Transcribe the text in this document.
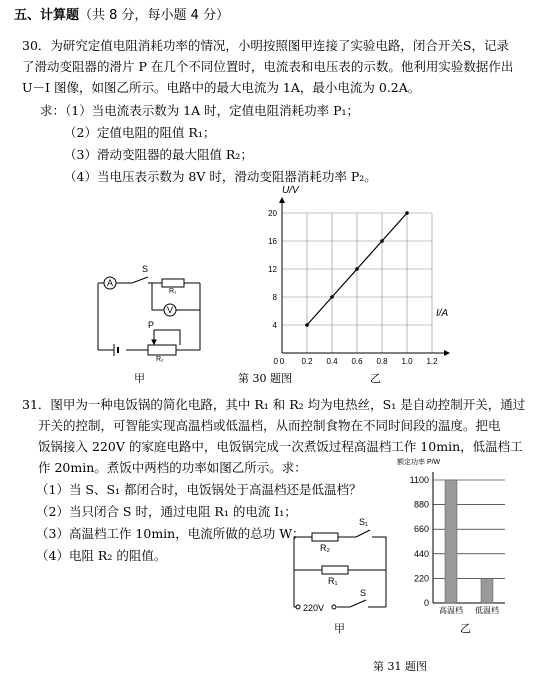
五、计算题（共 8 分，每小题 4 分）
30．为研究定值电阻消耗功率的情况，小明按照图甲连接了实验电路，闭合开关S，记录
了滑动变阻器的滑片 P 在几个不同位置时，电流表和电压表的示数。他利用实验数据作出
U－I 图像，如图乙所示。电路中的最大电流为 1A，最小电流为 0.2A。
求：（1）当电流表示数为 1A 时，定值电阻消耗功率 P₁；
（2）定值电阻的阻值 R₁；
（3）滑动变阻器的最大阻值 R₂；
（4）当电压表示数为 8V 时，滑动变阻器消耗功率 P₂。
A
S
R₁
V
P
R₂
甲
0 0.2 0.4 0.6 0.8 1.0 1.2
4
8
12
16
20
0
U/V
I/A
乙
第 30 题图
31．图甲为一种电饭锅的简化电路，其中 R₁ 和 R₂ 均为电热丝，S₁ 是自动控制开关，通过
开关的控制，可智能实现高温档或低温档，从而控制食物在不同时间段的温度。把电
饭锅接入 220V 的家庭电路中，电饭锅完成一次煮饭过程高温档工作 10min，低温档工
作 20min。煮饭中两档的功率如图乙所示。求：
（1）当 S、S₁ 都闭合时，电饭锅处于高温档还是低温档？
（2）当只闭合 S 时，通过电阻 R₁ 的电流 I₁；
（3）高温档工作 10min，电流所做的总功 W；
（4）电阻 R₂ 的阻值。
S₁
R₂
R₁
S
220V
甲
0
220
440
660
880
1100
高温档 低温档
额定功率 P/W
乙
第 31 题图
